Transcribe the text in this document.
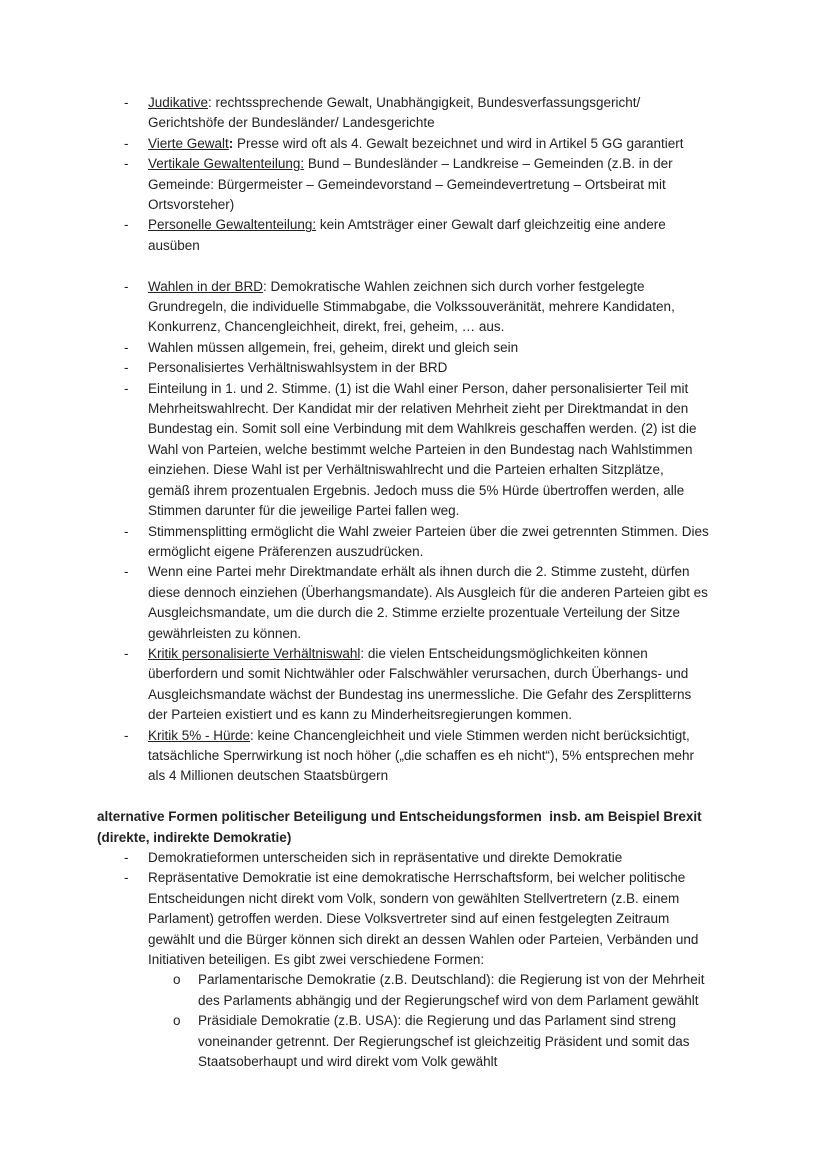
-	Judikative: rechtssprechende Gewalt, Unabhängigkeit, Bundesverfassungsgericht/ Gerichtshöfe der Bundesländer/ Landesgerichte
-	Vierte Gewalt: Presse wird oft als 4. Gewalt bezeichnet und wird in Artikel 5 GG garantiert
-	Vertikale Gewaltenteilung: Bund – Bundesländer – Landkreise – Gemeinden (z.B. in der Gemeinde: Bürgermeister – Gemeindevorstand – Gemeindevertretung – Ortsbeirat mit Ortsvorsteher)
-	Personelle Gewaltenteilung: kein Amtsträger einer Gewalt darf gleichzeitig eine andere ausüben
-	Wahlen in der BRD: Demokratische Wahlen zeichnen sich durch vorher festgelegte Grundregeln, die individuelle Stimmabgabe, die Volkssouveränität, mehrere Kandidaten, Konkurrenz, Chancengleichheit, direkt, frei, geheim, … aus.
-	Wahlen müssen allgemein, frei, geheim, direkt und gleich sein
-	Personalisiertes Verhältniswahlsystem in der BRD
-	Einteilung in 1. und 2. Stimme. (1) ist die Wahl einer Person, daher personalisierter Teil mit Mehrheitswahlrecht. Der Kandidat mir der relativen Mehrheit zieht per Direktmandat in den Bundestag ein. Somit soll eine Verbindung mit dem Wahlkreis geschaffen werden. (2) ist die Wahl von Parteien, welche bestimmt welche Parteien in den Bundestag nach Wahlstimmen einziehen. Diese Wahl ist per Verhältniswahlrecht und die Parteien erhalten Sitzplätze, gemäß ihrem prozentualen Ergebnis. Jedoch muss die 5% Hürde übertroffen werden, alle Stimmen darunter für die jeweilige Partei fallen weg.
-	Stimmensplitting ermöglicht die Wahl zweier Parteien über die zwei getrennten Stimmen. Dies ermöglicht eigene Präferenzen auszudrücken.
-	Wenn eine Partei mehr Direktmandate erhält als ihnen durch die 2. Stimme zusteht, dürfen diese dennoch einziehen (Überhangsmandate). Als Ausgleich für die anderen Parteien gibt es Ausgleichsmandate, um die durch die 2. Stimme erzielte prozentuale Verteilung der Sitze gewährleisten zu können.
-	Kritik personalisierte Verhältniswahl: die vielen Entscheidungsmöglichkeiten können überfordern und somit Nichtwähler oder Falschwähler verursachen, durch Überhangs- und Ausgleichsmandate wächst der Bundestag ins unermessliche. Die Gefahr des Zersplitterns der Parteien existiert und es kann zu Minderheitsregierungen kommen.
-	Kritik 5% - Hürde: keine Chancengleichheit und viele Stimmen werden nicht berücksichtigt, tatsächliche Sperrwirkung ist noch höher („die schaffen es eh nicht“), 5% entsprechen mehr als 4 Millionen deutschen Staatsbürgern
alternative Formen politischer Beteiligung und Entscheidungsformen  insb. am Beispiel Brexit
(direkte, indirekte Demokratie)
-	Demokratieformen unterscheiden sich in repräsentative und direkte Demokratie
-	Repräsentative Demokratie ist eine demokratische Herrschaftsform, bei welcher politische Entscheidungen nicht direkt vom Volk, sondern von gewählten Stellvertretern (z.B. einem Parlament) getroffen werden. Diese Volksvertreter sind auf einen festgelegten Zeitraum gewählt und die Bürger können sich direkt an dessen Wahlen oder Parteien, Verbänden und Initiativen beteiligen. Es gibt zwei verschiedene Formen:
o	Parlamentarische Demokratie (z.B. Deutschland): die Regierung ist von der Mehrheit des Parlaments abhängig und der Regierungschef wird von dem Parlament gewählt
o	Präsidiale Demokratie (z.B. USA): die Regierung und das Parlament sind streng voneinander getrennt. Der Regierungschef ist gleichzeitig Präsident und somit das Staatsoberhaupt und wird direkt vom Volk gewählt
